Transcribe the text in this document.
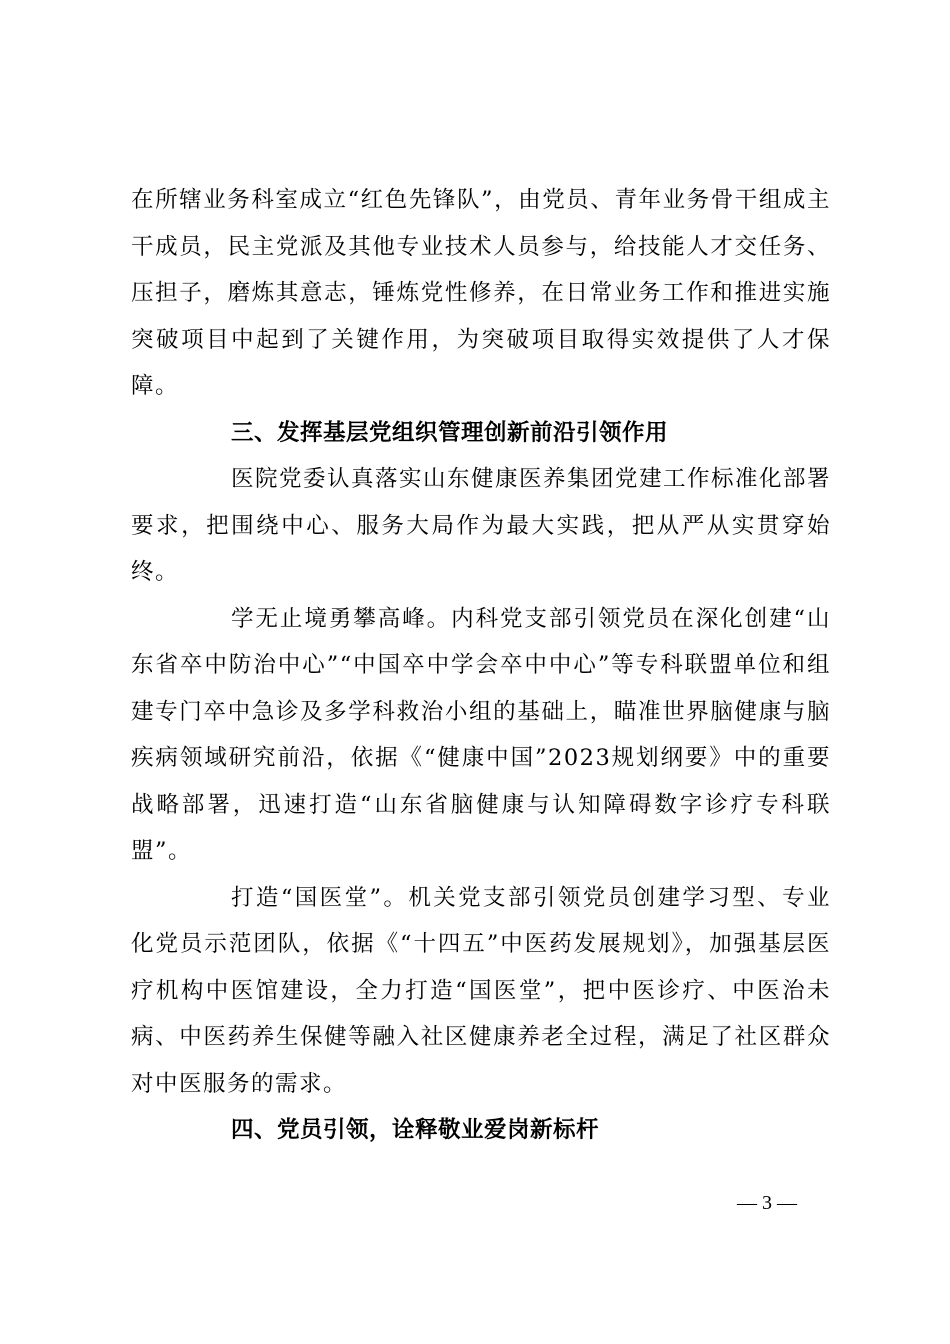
在所辖业务科室成立“红色先锋队”，由党员、青年业务骨干组成主干成员，民主党派及其他专业技术人员参与，给技能人才交任务、压担子，磨炼其意志，锤炼党性修养，在日常业务工作和推进实施突破项目中起到了关键作用，为突破项目取得实效提供了人才保障。

三、发挥基层党组织管理创新前沿引领作用

医院党委认真落实山东健康医养集团党建工作标准化部署要求，把围绕中心、服务大局作为最大实践，把从严从实贯穿始终。

学无止境勇攀高峰。内科党支部引领党员在深化创建“山东省卒中防治中心”“中国卒中学会卒中中心”等专科联盟单位和组建专门卒中急诊及多学科救治小组的基础上，瞄准世界脑健康与脑疾病领域研究前沿，依据《“健康中国”2023规划纲要》中的重要战略部署，迅速打造“山东省脑健康与认知障碍数字诊疗专科联盟”。

打造“国医堂”。机关党支部引领党员创建学习型、专业化党员示范团队，依据《“十四五”中医药发展规划》，加强基层医疗机构中医馆建设，全力打造“国医堂”，把中医诊疗、中医治未病、中医药养生保健等融入社区健康养老全过程，满足了社区群众对中医服务的需求。

四、党员引领，诠释敬业爱岗新标杆

— 3 —
